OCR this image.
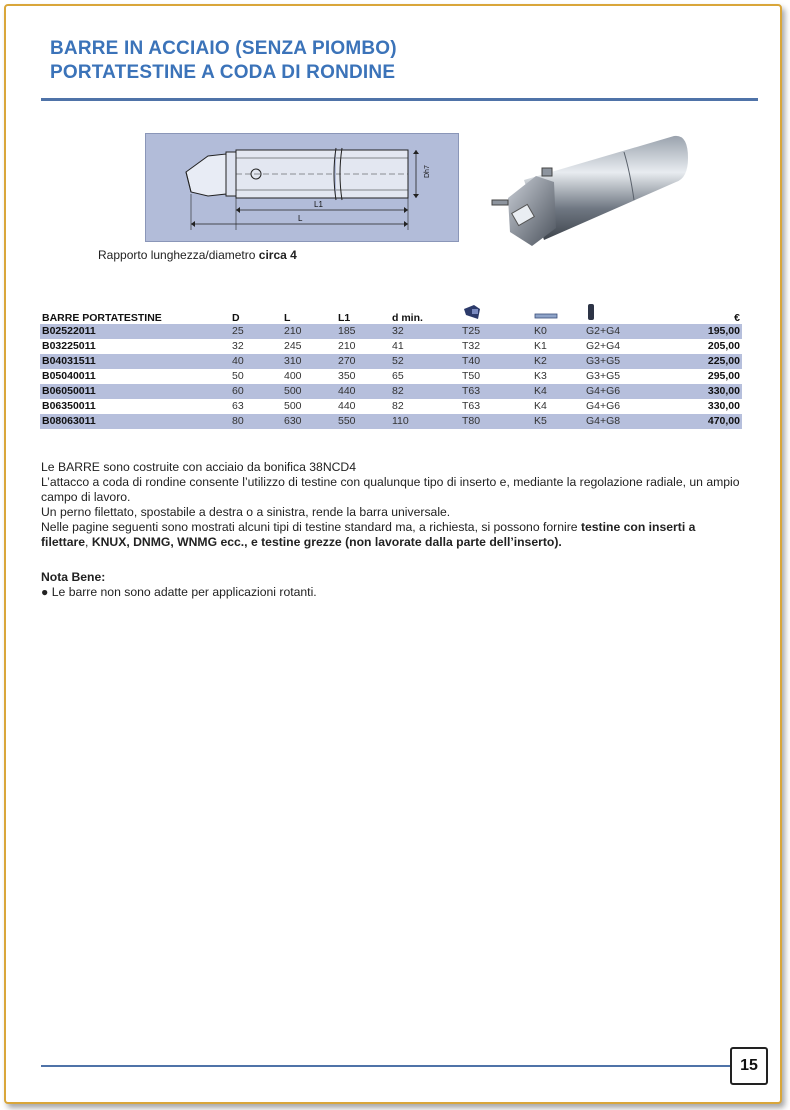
BARRE IN ACCIAIO (SENZA PIOMBO)
PORTATESTINE A CODA DI RONDINE
L1
L
Dh7
Rapporto lunghezza/diametro circa 4
BARRE PORTATESTINE	D	L	L1	d min.				€
B02522011	25	210	185	32	T25	K0	G2+G4	195,00
B03225011	32	245	210	41	T32	K1	G2+G4	205,00
B04031511	40	310	270	52	T40	K2	G3+G5	225,00
B05040011	50	400	350	65	T50	K3	G3+G5	295,00
B06050011	60	500	440	82	T63	K4	G4+G6	330,00
B06350011	63	500	440	82	T63	K4	G4+G6	330,00
B08063011	80	630	550	110	T80	K5	G4+G8	470,00

Le BARRE sono costruite con acciaio da bonifica 38NCD4

L’attacco a coda di rondine consente l’utilizzo di testine con qualunque tipo di inserto e, mediante la regolazione radiale, un ampio campo di lavoro.

Un perno filettato, spostabile a destra o a sinistra, rende la barra universale.

Nelle pagine seguenti sono mostrati alcuni tipi di testine standard ma, a richiesta, si possono fornire testine con inserti a filettare, KNUX, DNMG, WNMG ecc., e testine grezze (non lavorate dalla parte dell’inserto).

Nota Bene:
● Le barre non sono adatte per applicazioni rotanti.
15
